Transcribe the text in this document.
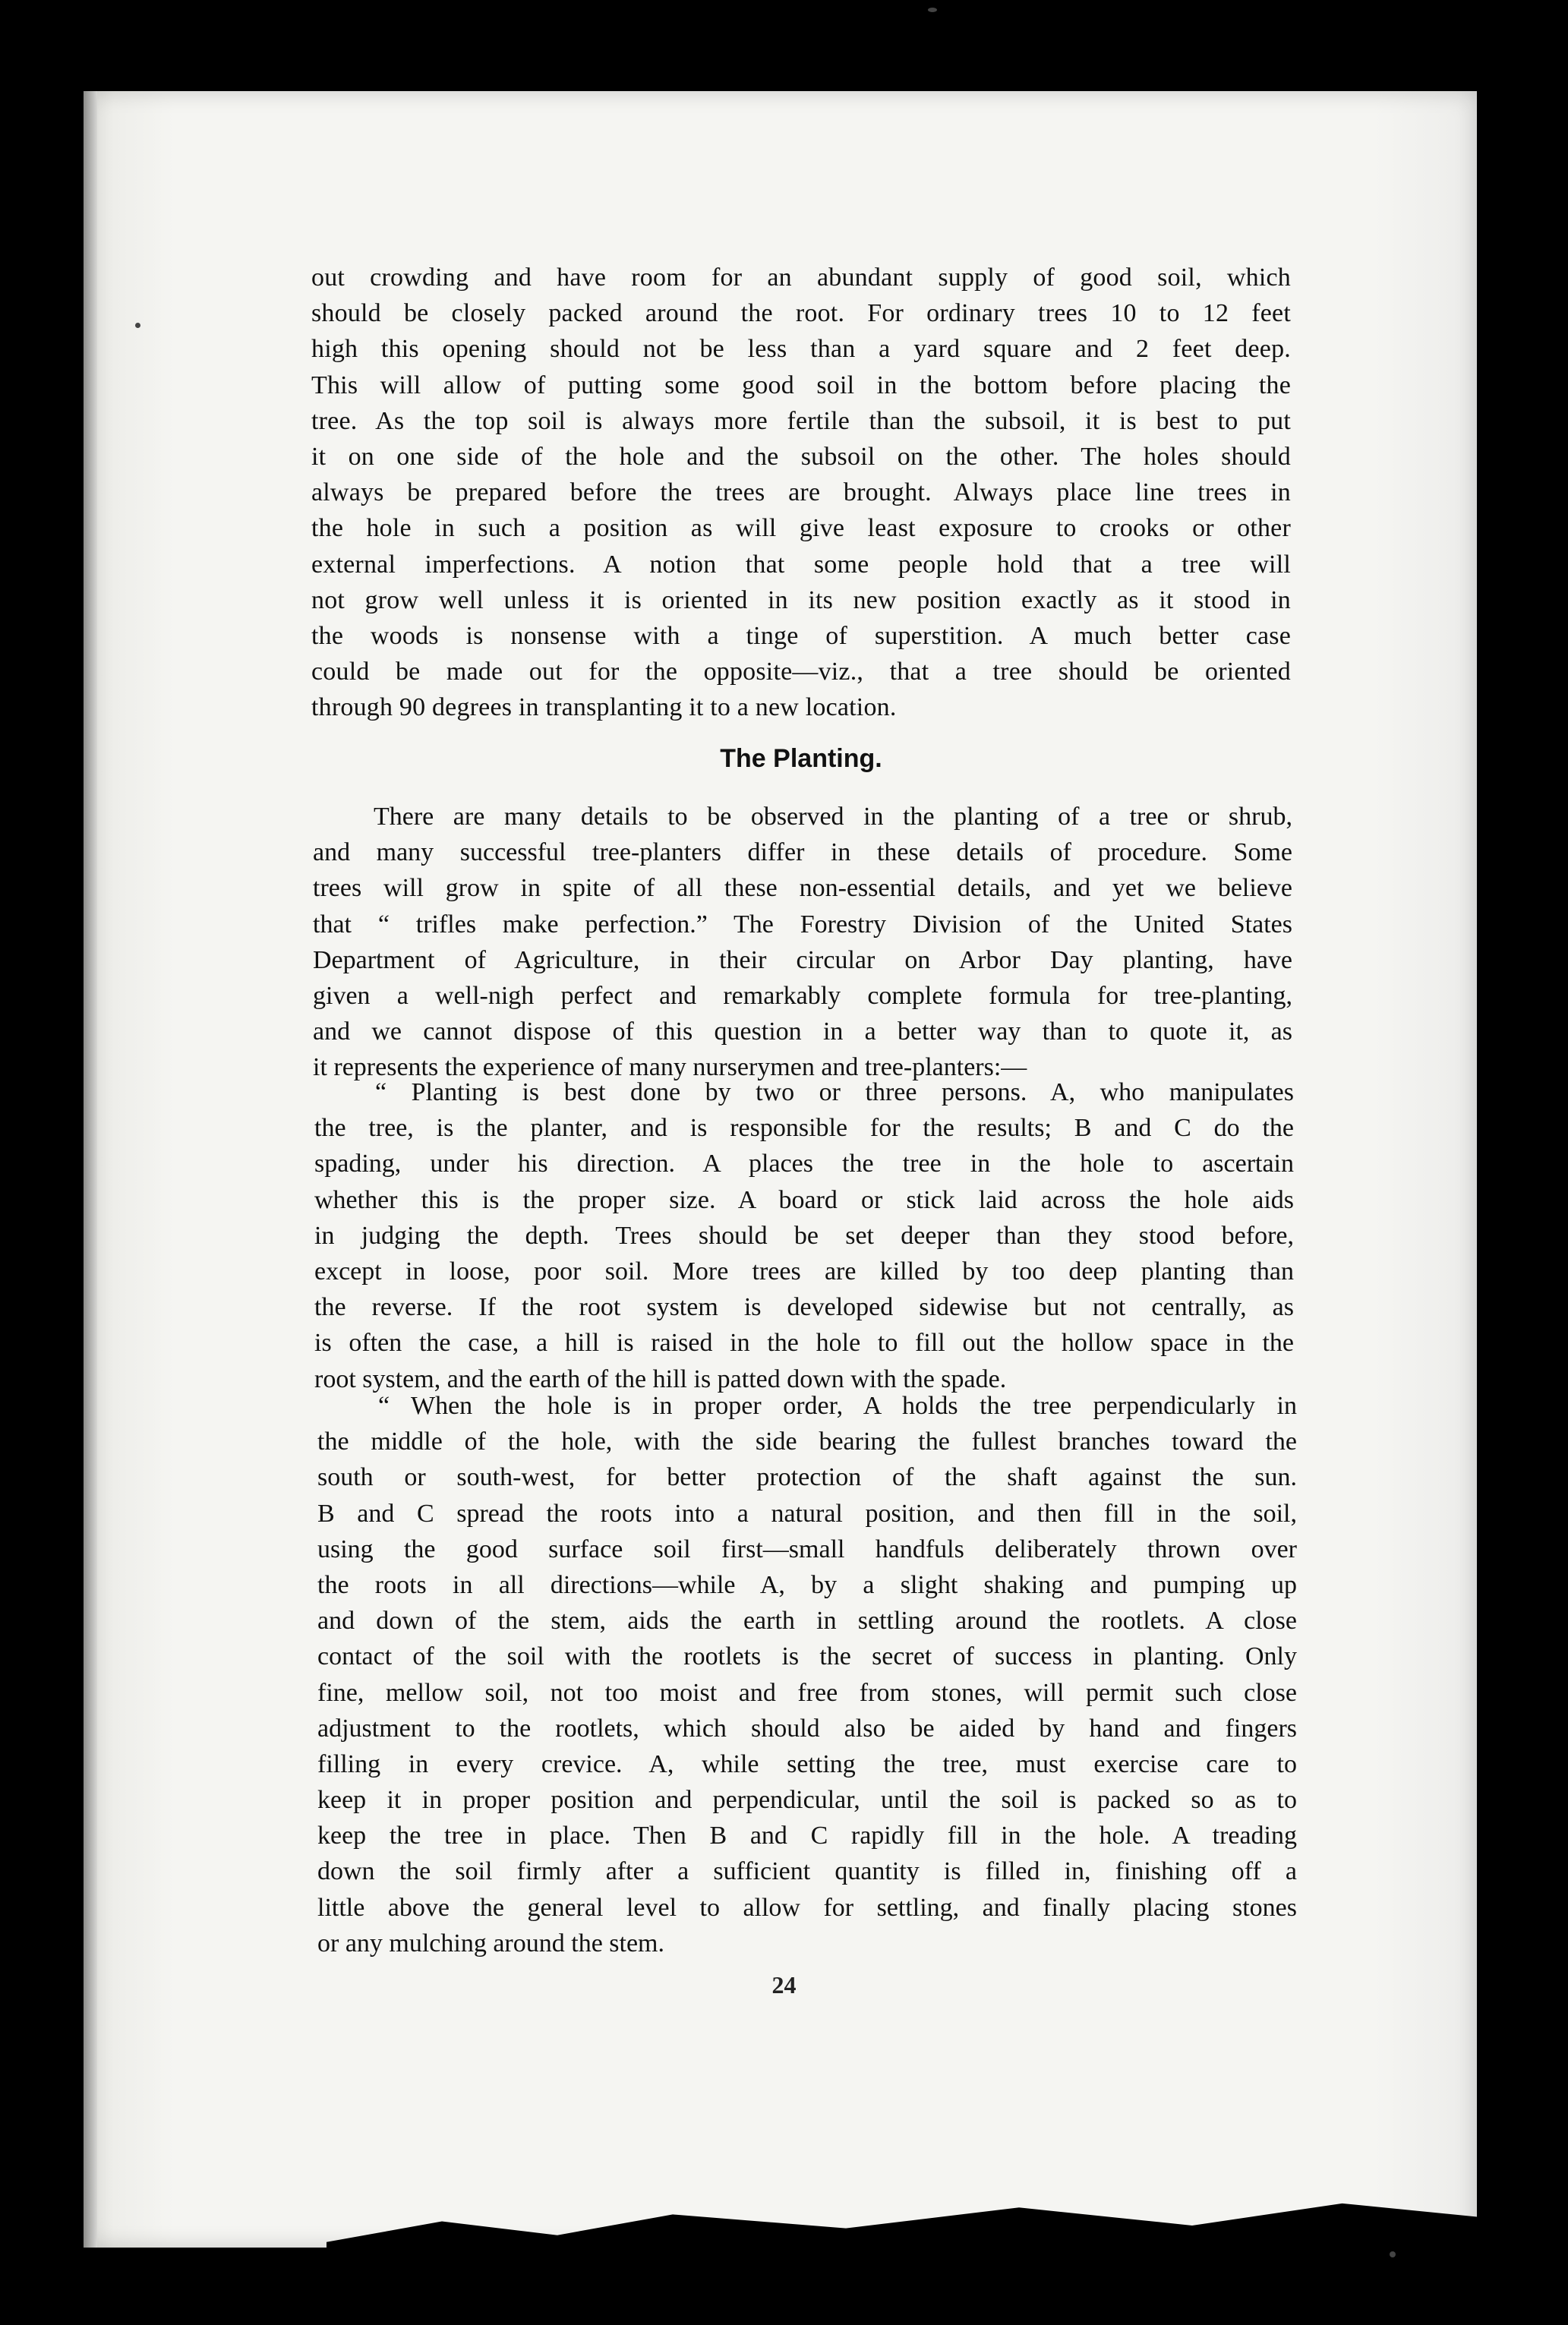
out crowding and have room for an abundant supply of good soil, which
should be closely packed around the root. For ordinary trees 10 to 12 feet
high this opening should not be less than a yard square and 2 feet deep.
This will allow of putting some good soil in the bottom before placing the
tree. As the top soil is always more fertile than the subsoil, it is best to put
it on one side of the hole and the subsoil on the other. The holes should
always be prepared before the trees are brought. Always place line trees in
the hole in such a position as will give least exposure to crooks or other
external imperfections. A notion that some people hold that a tree will
not grow well unless it is oriented in its new position exactly as it stood in
the woods is nonsense with a tinge of superstition. A much better case
could be made out for the opposite—viz., that a tree should be oriented
through 90 degrees in transplanting it to a new location.
The Planting.
There are many details to be observed in the planting of a tree or shrub,
and many successful tree-planters differ in these details of procedure. Some
trees will grow in spite of all these non-essential details, and yet we believe
that “ trifles make perfection.” The Forestry Division of the United States
Department of Agriculture, in their circular on Arbor Day planting, have
given a well-nigh perfect and remarkably complete formula for tree-planting,
and we cannot dispose of this question in a better way than to quote it, as
it represents the experience of many nurserymen and tree-planters:—
“ Planting is best done by two or three persons. A, who manipulates
the tree, is the planter, and is responsible for the results; B and C do the
spading, under his direction. A places the tree in the hole to ascertain
whether this is the proper size. A board or stick laid across the hole aids
in judging the depth. Trees should be set deeper than they stood before,
except in loose, poor soil. More trees are killed by too deep planting than
the reverse. If the root system is developed sidewise but not centrally, as
is often the case, a hill is raised in the hole to fill out the hollow space in the
root system, and the earth of the hill is patted down with the spade.
“ When the hole is in proper order, A holds the tree perpendicularly in
the middle of the hole, with the side bearing the fullest branches toward the
south or south-west, for better protection of the shaft against the sun.
B and C spread the roots into a natural position, and then fill in the soil,
using the good surface soil first—small handfuls deliberately thrown over
the roots in all directions—while A, by a slight shaking and pumping up
and down of the stem, aids the earth in settling around the rootlets. A close
contact of the soil with the rootlets is the secret of success in planting. Only
fine, mellow soil, not too moist and free from stones, will permit such close
adjustment to the rootlets, which should also be aided by hand and fingers
filling in every crevice. A, while setting the tree, must exercise care to
keep it in proper position and perpendicular, until the soil is packed so as to
keep the tree in place. Then B and C rapidly fill in the hole. A treading
down the soil firmly after a sufficient quantity is filled in, finishing off a
little above the general level to allow for settling, and finally placing stones
or any mulching around the stem.
24
